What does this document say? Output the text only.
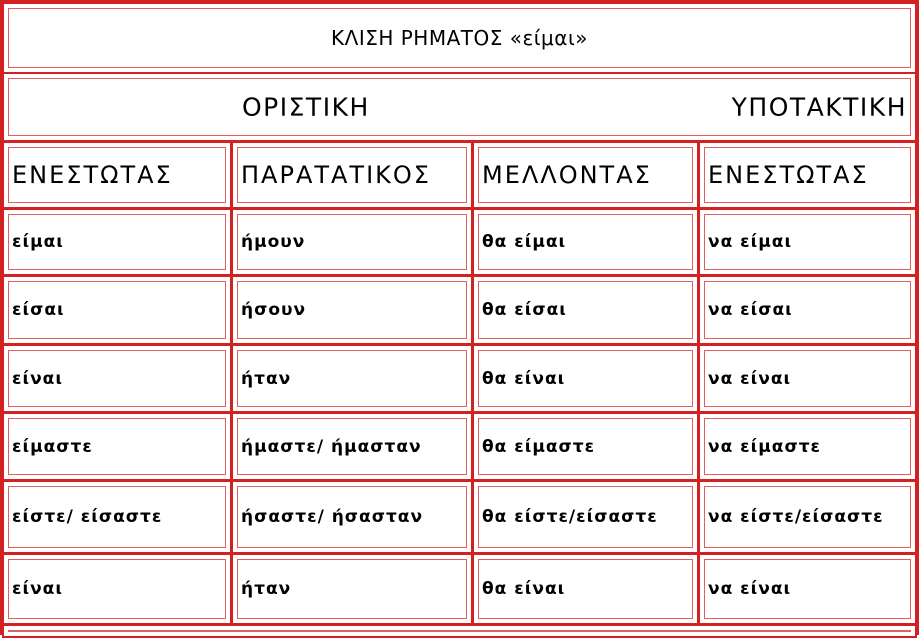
ΚΛΙΣΗ ΡΗΜΑΤΟΣ «είμαι»
ΟΡΙΣΤΙΚΗ	ΥΠΟΤΑΚΤΙΚΗ
ΕΝΕΣΤΩΤΑΣ	ΠΑΡΑΤΑΤΙΚΟΣ ΜΕΛΛΟΝΤΑΣ ΕΝΕΣΤΩΤΑΣ
είμαι	ήμουν	θα είμαι	να είμαι
είσαι	ήσουν	θα είσαι	να είσαι
είναι	ήταν	θα είναι	να είναι
είμαστε	ήμαστε/ ήμασταν	θα είμαστε	να είμαστε
είστε/ είσαστε	ήσαστε/ ήσασταν	θα είστε/είσαστε	να είστε/είσαστε
είναι	ήταν	θα είναι	να είναι
